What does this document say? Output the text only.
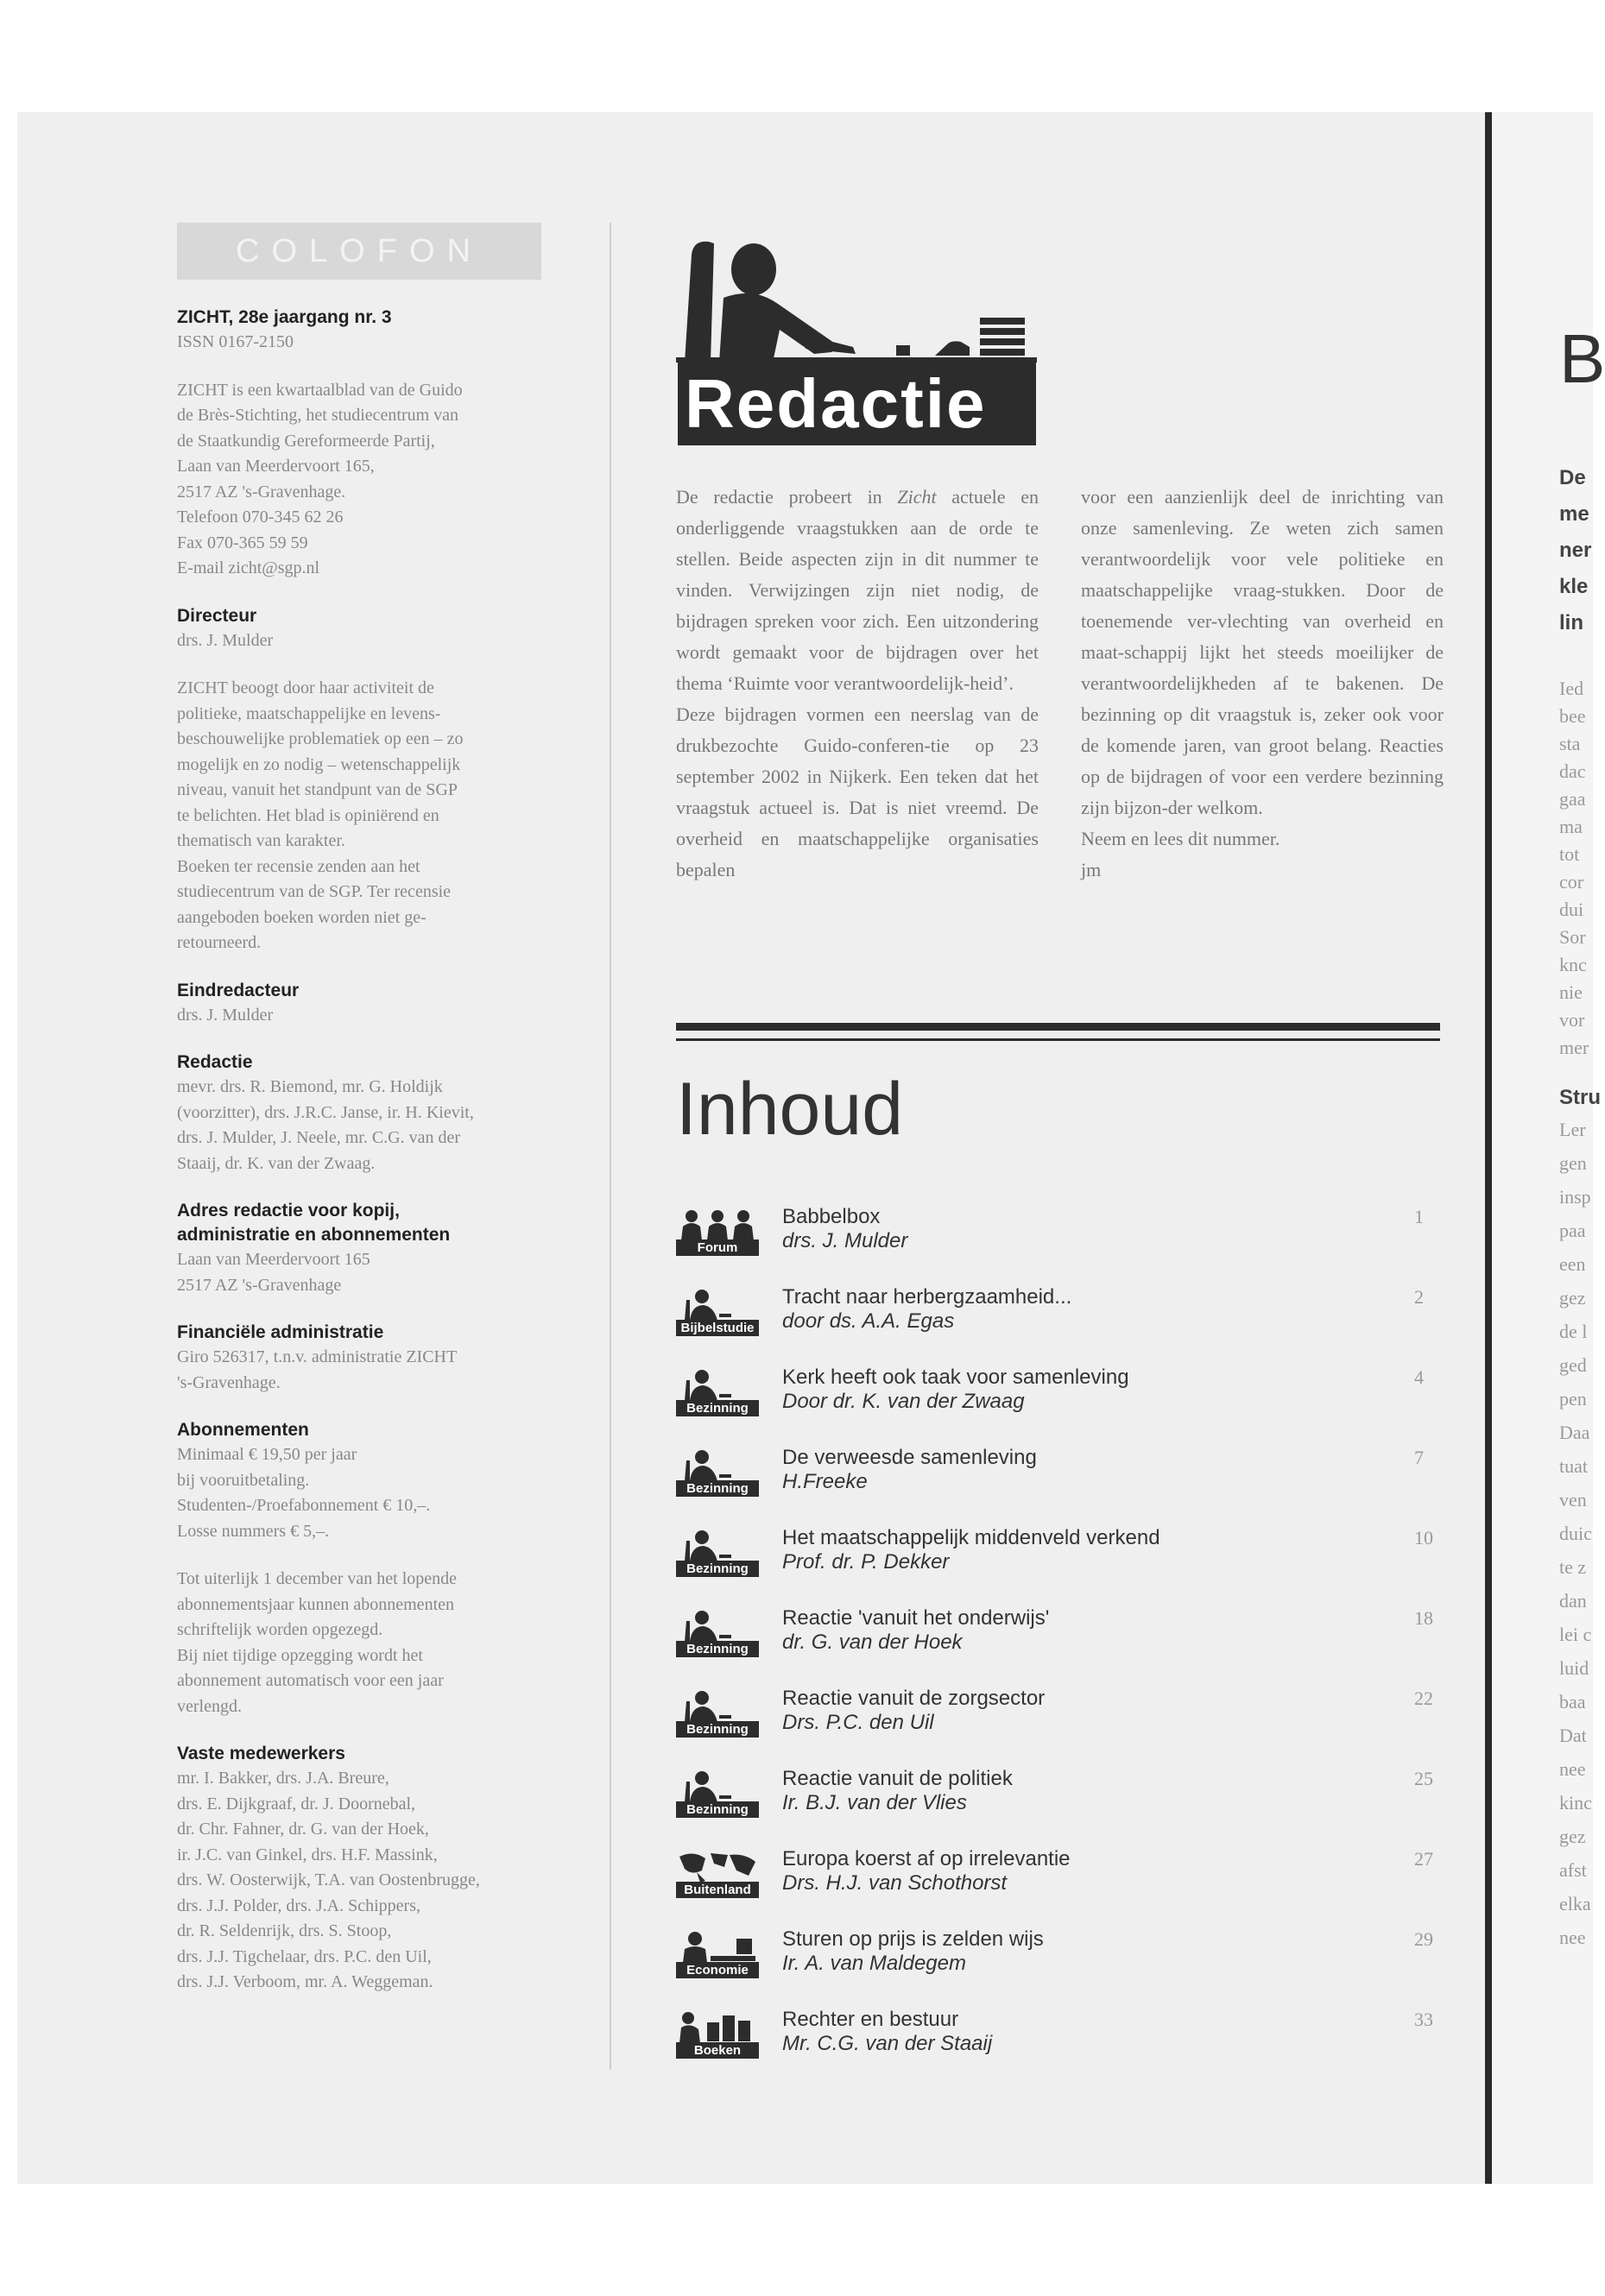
B
De
me
ner
kle
lin
Ied
bee
sta
dac
gaa
ma
tot
cor
dui
Sor
knc
nie
vor
mer
Stru
Ler
gen
insp
paa
een
gez
de l
ged
pen
Daa
tuat
ven
duic
te z
dan
lei c
luid
baa
Dat
nee
kinc
gez
afst
elka
nee
COLOFON
ZICHT, 28e jaargang nr. 3
ISSN 0167-2150
ZICHT is een kwartaalblad van de Guido
de Brès-Stichting, het studiecentrum van
de Staatkundig Gereformeerde Partij,
Laan van Meerdervoort 165,
2517 AZ 's-Gravenhage.
Telefoon 070-345 62 26
Fax 070-365 59 59
E-mail zicht@sgp.nl
Directeur
drs. J. Mulder
ZICHT beoogt door haar activiteit de
politieke, maatschappelijke en levens-
beschouwelijke problematiek op een – zo
mogelijk en zo nodig – wetenschappelijk
niveau, vanuit het standpunt van de SGP
te belichten. Het blad is opiniërend en
thematisch van karakter.
Boeken ter recensie zenden aan het
studiecentrum van de SGP. Ter recensie
aangeboden boeken worden niet ge-
retourneerd.
Eindredacteur
drs. J. Mulder
Redactie
mevr. drs. R. Biemond, mr. G. Holdijk
(voorzitter), drs. J.R.C. Janse, ir. H. Kievit,
drs. J. Mulder, J. Neele, mr. C.G. van der
Staaij, dr. K. van der Zwaag.
Adres redactie voor kopij,
administratie en abonnementen
Laan van Meerdervoort 165
2517 AZ 's-Gravenhage
Financiële administratie
Giro 526317, t.n.v. administratie ZICHT
's-Gravenhage.
Abonnementen
Minimaal € 19,50 per jaar
bij vooruitbetaling.
Studenten-/Proefabonnement € 10,–.
Losse nummers € 5,–.
Tot uiterlijk 1 december van het lopende
abonnementsjaar kunnen abonnementen
schriftelijk worden opgezegd.
Bij niet tijdige opzegging wordt het
abonnement automatisch voor een jaar
verlengd.
Vaste medewerkers
mr. I. Bakker, drs. J.A. Breure,
drs. E. Dijkgraaf, dr. J. Doornebal,
dr. Chr. Fahner, dr. G. van der Hoek,
ir. J.C. van Ginkel, drs. H.F. Massink,
drs. W. Oosterwijk, T.A. van Oostenbrugge,
drs. J.J. Polder, drs. J.A. Schippers,
dr. R. Seldenrijk, drs. S. Stoop,
drs. J.J. Tigchelaar, drs. P.C. den Uil,
drs. J.J. Verboom, mr. A. Weggeman.
Redactie

De redactie probeert in Zicht actuele en onderliggende vraagstukken aan de orde te stellen. Beide aspecten zijn in dit nummer te vinden. Verwijzingen zijn niet nodig, de bijdragen spreken voor zich. Een uitzondering wordt gemaakt voor de bijdragen over het thema ‘Ruimte voor verantwoordelijk-heid’.

Deze bijdragen vormen een neerslag van de drukbezochte Guido-conferen-tie op 23 september 2002 in Nijkerk. Een teken dat het vraagstuk actueel is. Dat is niet vreemd. De overheid en maatschappelijke organisaties bepalen

voor een aanzienlijk deel de inrichting van onze samenleving. Ze weten zich samen verantwoordelijk voor vele politieke en maatschappelijke vraag-stukken. Door de toenemende ver-vlechting van overheid en maat-schappij lijkt het steeds moeilijker de verantwoordelijkheden af te bakenen. De bezinning op dit vraagstuk is, zeker ook voor de komende jaren, van groot belang. Reacties op de bijdragen of voor een verdere bezinning zijn bijzon-der welkom.

Neem en lees dit nummer.

jm

Inhoud
Forum
Babbelbox
drs. J. Mulder
1
Bijbelstudie
Tracht naar herbergzaamheid...
door ds. A.A. Egas
2
Bezinning
Kerk heeft ook taak voor samenleving
Door dr. K. van der Zwaag
4
Bezinning
De verweesde samenleving
H.Freeke
7
Bezinning
Het maatschappelijk middenveld verkend
Prof. dr. P. Dekker
10
Bezinning
Reactie 'vanuit het onderwijs'
dr. G. van der Hoek
18
Bezinning
Reactie vanuit de zorgsector
Drs. P.C. den Uil
22
Bezinning
Reactie vanuit de politiek
Ir. B.J. van der Vlies
25
Buitenland
Europa koerst af op irrelevantie
Drs. H.J. van Schothorst
27
Economie
Sturen op prijs is zelden wijs
Ir. A. van Maldegem
29
Boeken
Rechter en bestuur
Mr. C.G. van der Staaij
33
